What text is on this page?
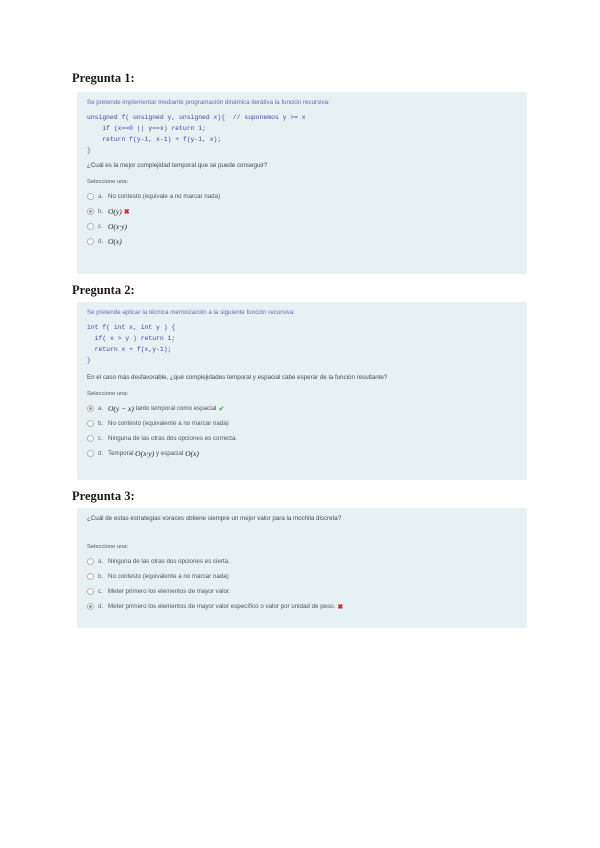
Pregunta 1:
Se pretende implementar mediante programación dinámica iterativa la función recursiva:
unsigned f( unsigned y, unsigned x){  // suponemos y >= x
if (x==0 || y==x) return 1;
return f(y-1, x-1) + f(y-1, x);
}
¿Cuál es la mejor complejidad temporal que se puede conseguir?
Seleccione una:
a. No contesto (equivale a no marcar nada)
b. O(y) ✖
c. O(x·y)
d. O(x)
Pregunta 2:
Se pretende aplicar la técnica memoización a la siguiente función recursiva:
int f( int x, int y ) {
if( x > y ) return 1;
return x + f(x,y-1);
}
En el caso más desfavorable, ¿qué complejidades temporal y espacial cabe esperar de la función resultante?
Seleccione una:
a. O(y − x) tanto temporal como espacial ✔
b. No contesto (equivalente a no marcar nada)
c. Ninguna de las otras dos opciones es correcta.
d. Temporal O(x·y) y espacial O(x)
Pregunta 3:
¿Cuál de estas estrategias voraces obtiene siempre un mejor valor para la mochila discreta?
Seleccione una:
a. Ninguna de las otras dos opciones es cierta.
b. No contesto (equivalente a no marcar nada)
c. Meter primero los elementos de mayor valor.
d. Meter primero los elementos de mayor valor específico o valor por unidad de peso. ✖
